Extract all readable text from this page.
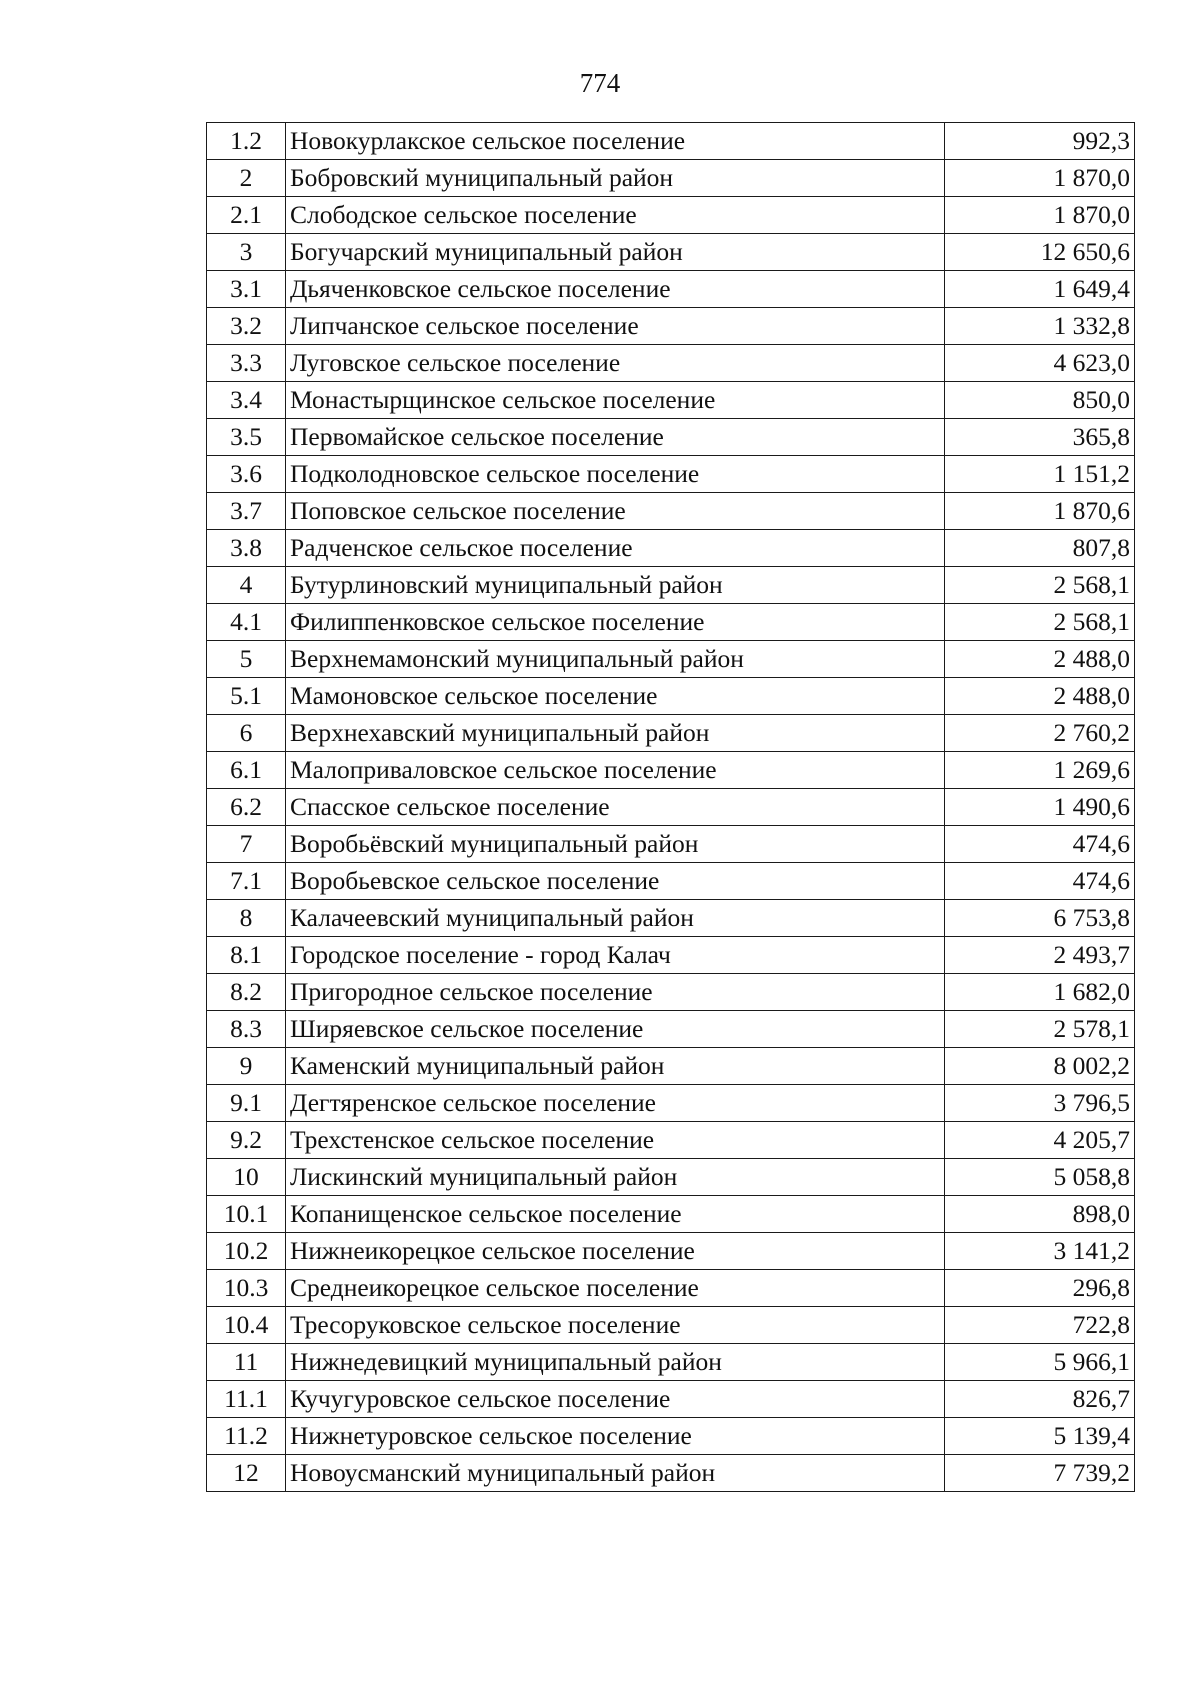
774
1.2	Новокурлакское сельское поселение	992,3
2	Бобровский муниципальный район	1 870,0
2.1	Слободское сельское поселение	1 870,0
3	Богучарский муниципальный район	12 650,6
3.1	Дьяченковское сельское поселение	1 649,4
3.2	Липчанское сельское поселение	1 332,8
3.3	Луговское сельское поселение	4 623,0
3.4	Монастырщинское сельское поселение	850,0
3.5	Первомайское сельское поселение	365,8
3.6	Подколодновское сельское поселение	1 151,2
3.7	Поповское сельское поселение	1 870,6
3.8	Радченское сельское поселение	807,8
4	Бутурлиновский муниципальный район	2 568,1
4.1	Филиппенковское сельское поселение	2 568,1
5	Верхнемамонский муниципальный район	2 488,0
5.1	Мамоновское сельское поселение	2 488,0
6	Верхнехавский муниципальный район	2 760,2
6.1	Малоприваловское сельское поселение	1 269,6
6.2	Спасское сельское поселение	1 490,6
7	Воробьёвский муниципальный район	474,6
7.1	Воробьевское сельское поселение	474,6
8	Калачеевский муниципальный район	6 753,8
8.1	Городское поселение - город Калач	2 493,7
8.2	Пригородное сельское поселение	1 682,0
8.3	Ширяевское сельское поселение	2 578,1
9	Каменский муниципальный район	8 002,2
9.1	Дегтяренское сельское поселение	3 796,5
9.2	Трехстенское сельское поселение	4 205,7
10	Лискинский муниципальный район	5 058,8
10.1	Копанищенское сельское поселение	898,0
10.2	Нижнеикорецкое сельское поселение	3 141,2
10.3	Среднеикорецкое сельское поселение	296,8
10.4	Тресоруковское сельское поселение	722,8
11	Нижнедевицкий муниципальный район	5 966,1
11.1	Кучугуровское сельское поселение	826,7
11.2	Нижнетуровское сельское поселение	5 139,4
12	Новоусманский муниципальный район	7 739,2
